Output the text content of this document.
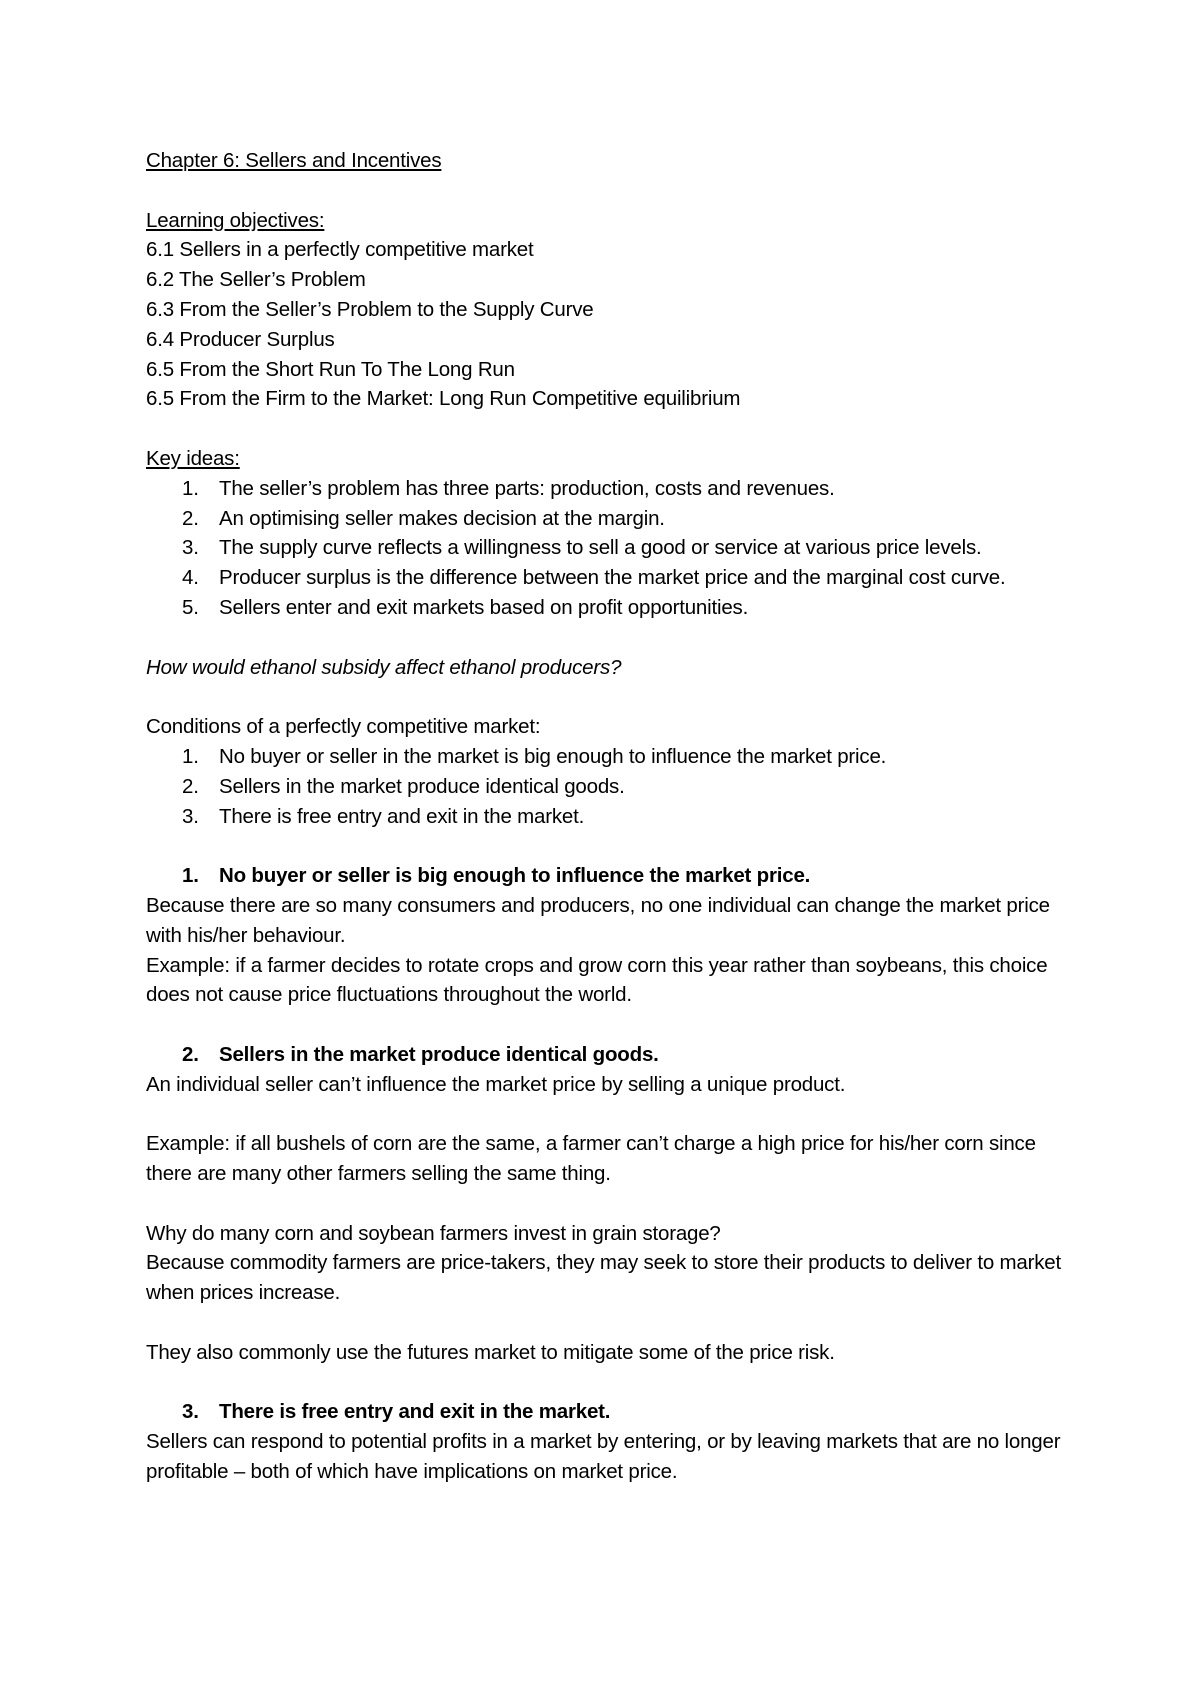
Chapter 6: Sellers and Incentives

Learning objectives:

6.1 Sellers in a perfectly competitive market

6.2 The Seller’s Problem

6.3 From the Seller’s Problem to the Supply Curve

6.4 Producer Surplus

6.5 From the Short Run To The Long Run

6.5 From the Firm to the Market: Long Run Competitive equilibrium

Key ideas:

1. The seller’s problem has three parts: production, costs and revenues.
2. An optimising seller makes decision at the margin.
3. The supply curve reflects a willingness to sell a good or service at various price levels.
4. Producer surplus is the difference between the market price and the marginal cost curve.
5. Sellers enter and exit markets based on profit opportunities.

How would ethanol subsidy affect ethanol producers?

Conditions of a perfectly competitive market:

1. No buyer or seller in the market is big enough to influence the market price.
2. Sellers in the market produce identical goods.
3. There is free entry and exit in the market.
1. No buyer or seller is big enough to influence the market price.

Because there are so many consumers and producers, no one individual can change the market price with his/her behaviour.

Example: if a farmer decides to rotate crops and grow corn this year rather than soybeans, this choice does not cause price fluctuations throughout the world.

2. Sellers in the market produce identical goods.

An individual seller can’t influence the market price by selling a unique product.

Example: if all bushels of corn are the same, a farmer can’t charge a high price for his/her corn since there are many other farmers selling the same thing.

Why do many corn and soybean farmers invest in grain storage?

Because commodity farmers are price-takers, they may seek to store their products to deliver to market when prices increase.

They also commonly use the futures market to mitigate some of the price risk.

3. There is free entry and exit in the market.

Sellers can respond to potential profits in a market by entering, or by leaving markets that are no longer profitable – both of which have implications on market price.
